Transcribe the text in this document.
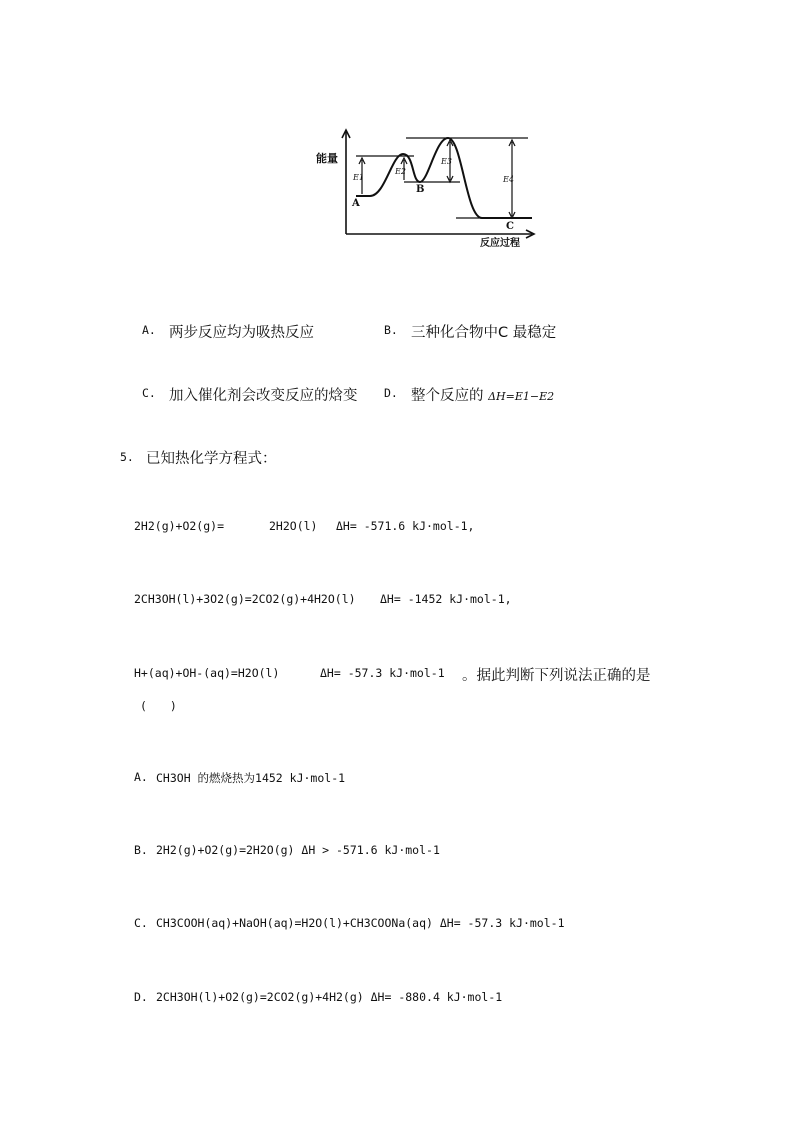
能量
反应过程
A
B
C
E1
E2
E3
E4
A. 两步反应均为吸热反应	B. 三种化合物中C 最稳定
C. 加入催化剂会改变反应的焓变 D. 整个反应的 ΔH=E1−E2
5. 已知热化学方程式：
2H2(g)+O2(g)=	2H2O(l) ΔH= -571.6 kJ·mol-1,
2CH3OH(l)+3O2(g)=2CO2(g)+4H2O(l) ΔH= -1452 kJ·mol-1,
H+(aq)+OH-(aq)=H2O(l)	ΔH= -57.3 kJ·mol-1 。据此判断下列说法正确的是
(　　)
A. CH3OH 的燃烧热为1452 kJ·mol-1
B. 2H2(g)+O2(g)=2H2O(g) ΔH > -571.6 kJ·mol-1
C. CH3COOH(aq)+NaOH(aq)=H2O(l)+CH3COONa(aq) ΔH= -57.3 kJ·mol-1
D. 2CH3OH(l)+O2(g)=2CO2(g)+4H2(g) ΔH= -880.4 kJ·mol-1
